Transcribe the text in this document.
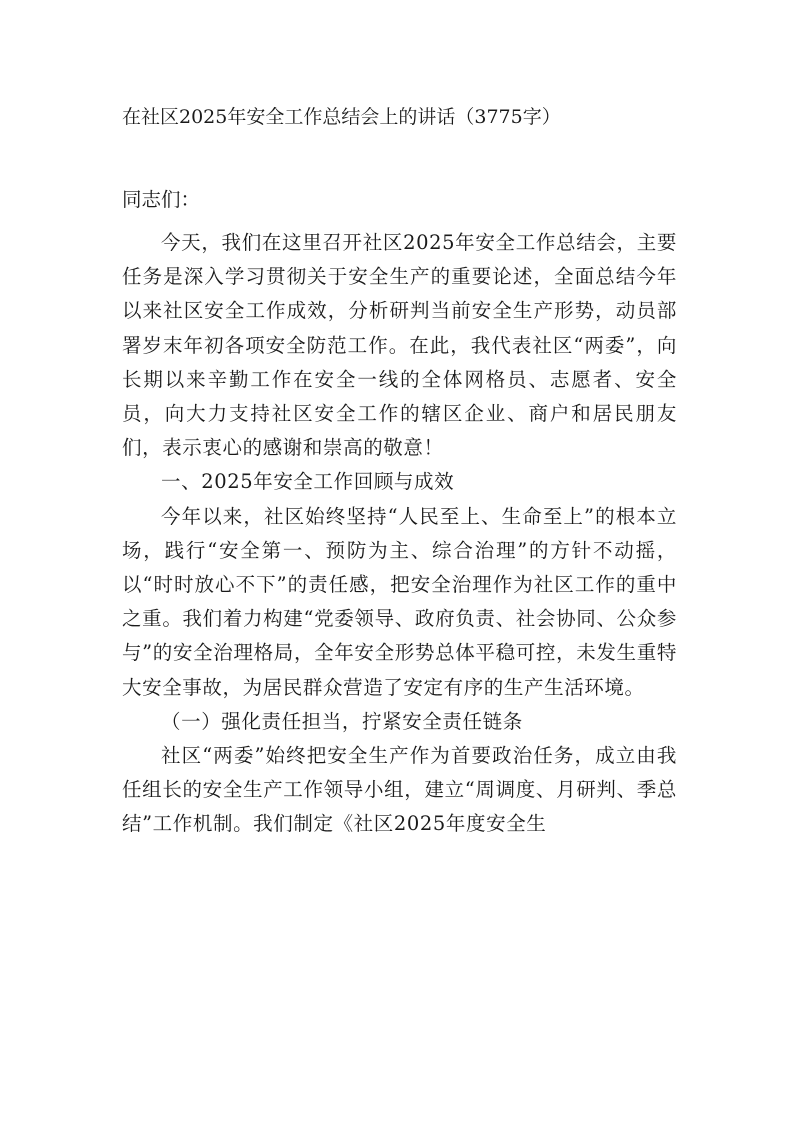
在社区2025年安全工作总结会上的讲话（3775字）
同志们：

今天，我们在这里召开社区2025年安全工作总结会，主要任务是深入学习贯彻关于安全生产的重要论述，全面总结今年以来社区安全工作成效，分析研判当前安全生产形势，动员部署岁末年初各项安全防范工作。在此，我代表社区“两委”，向长期以来辛勤工作在安全一线的全体网格员、志愿者、安全员，向大力支持社区安全工作的辖区企业、商户和居民朋友们，表示衷心的感谢和崇高的敬意！

一、2025年安全工作回顾与成效

今年以来，社区始终坚持“人民至上、生命至上”的根本立场，践行“安全第一、预防为主、综合治理”的方针不动摇，以“时时放心不下”的责任感，把安全治理作为社区工作的重中之重。我们着力构建“党委领导、政府负责、社会协同、公众参与”的安全治理格局，全年安全形势总体平稳可控，未发生重特大安全事故，为居民群众营造了安定有序的生产生活环境。

（一）强化责任担当，拧紧安全责任链条

社区“两委”始终把安全生产作为首要政治任务，成立由我任组长的安全生产工作领导小组，建立“周调度、月研判、季总结”工作机制。我们制定《社区2025年度安全生
